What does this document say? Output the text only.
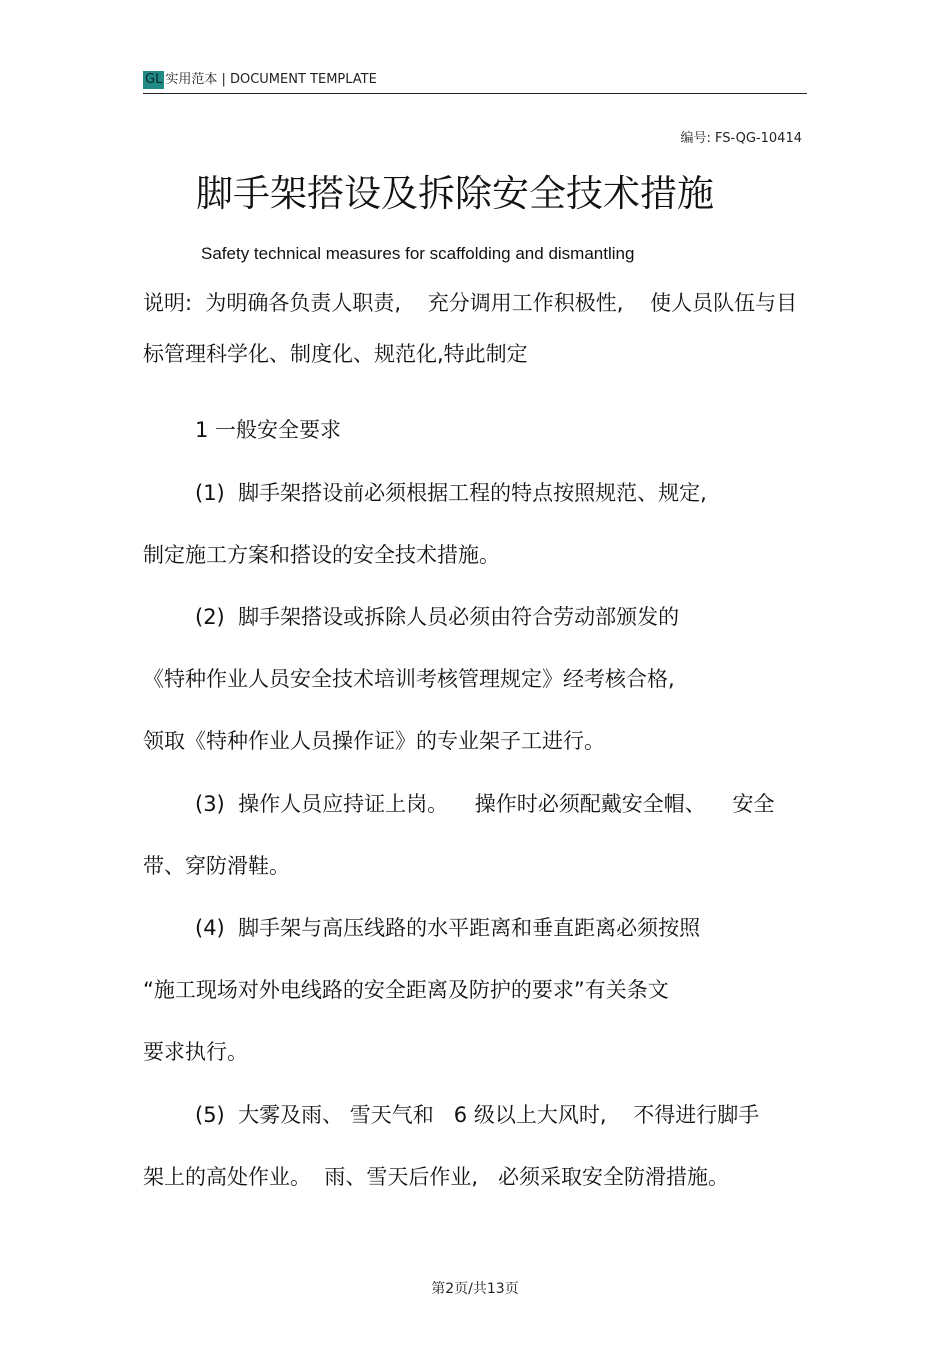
GL 实用范本 | DOCUMENT TEMPLATE
编号: FS-QG-10414
脚手架搭设及拆除安全技术措施
Safety technical measures for scaffolding and dismantling
说明:  为明确各负责人职责,    充分调用工作积极性,    使人员队伍与目
标管理科学化、制度化、规范化,特此制定
1 一般安全要求
(1)  脚手架搭设前必须根据工程的特点按照规范、规定,
制定施工方案和搭设的安全技术措施。
(2)  脚手架搭设或拆除人员必须由符合劳动部颁发的
《特种作业人员安全技术培训考核管理规定》经考核合格,
领取《特种作业人员操作证》的专业架子工进行。
(3)  操作人员应持证上岗。    操作时必须配戴安全帽、    安全
带、穿防滑鞋。
(4)  脚手架与高压线路的水平距离和垂直距离必须按照
“施工现场对外电线路的安全距离及防护的要求”有关条文
要求执行。
(5)  大雾及雨、 雪天气和   6 级以上大风时,    不得进行脚手
架上的高处作业。  雨、雪天后作业,   必须采取安全防滑措施。
第2页/共13页
